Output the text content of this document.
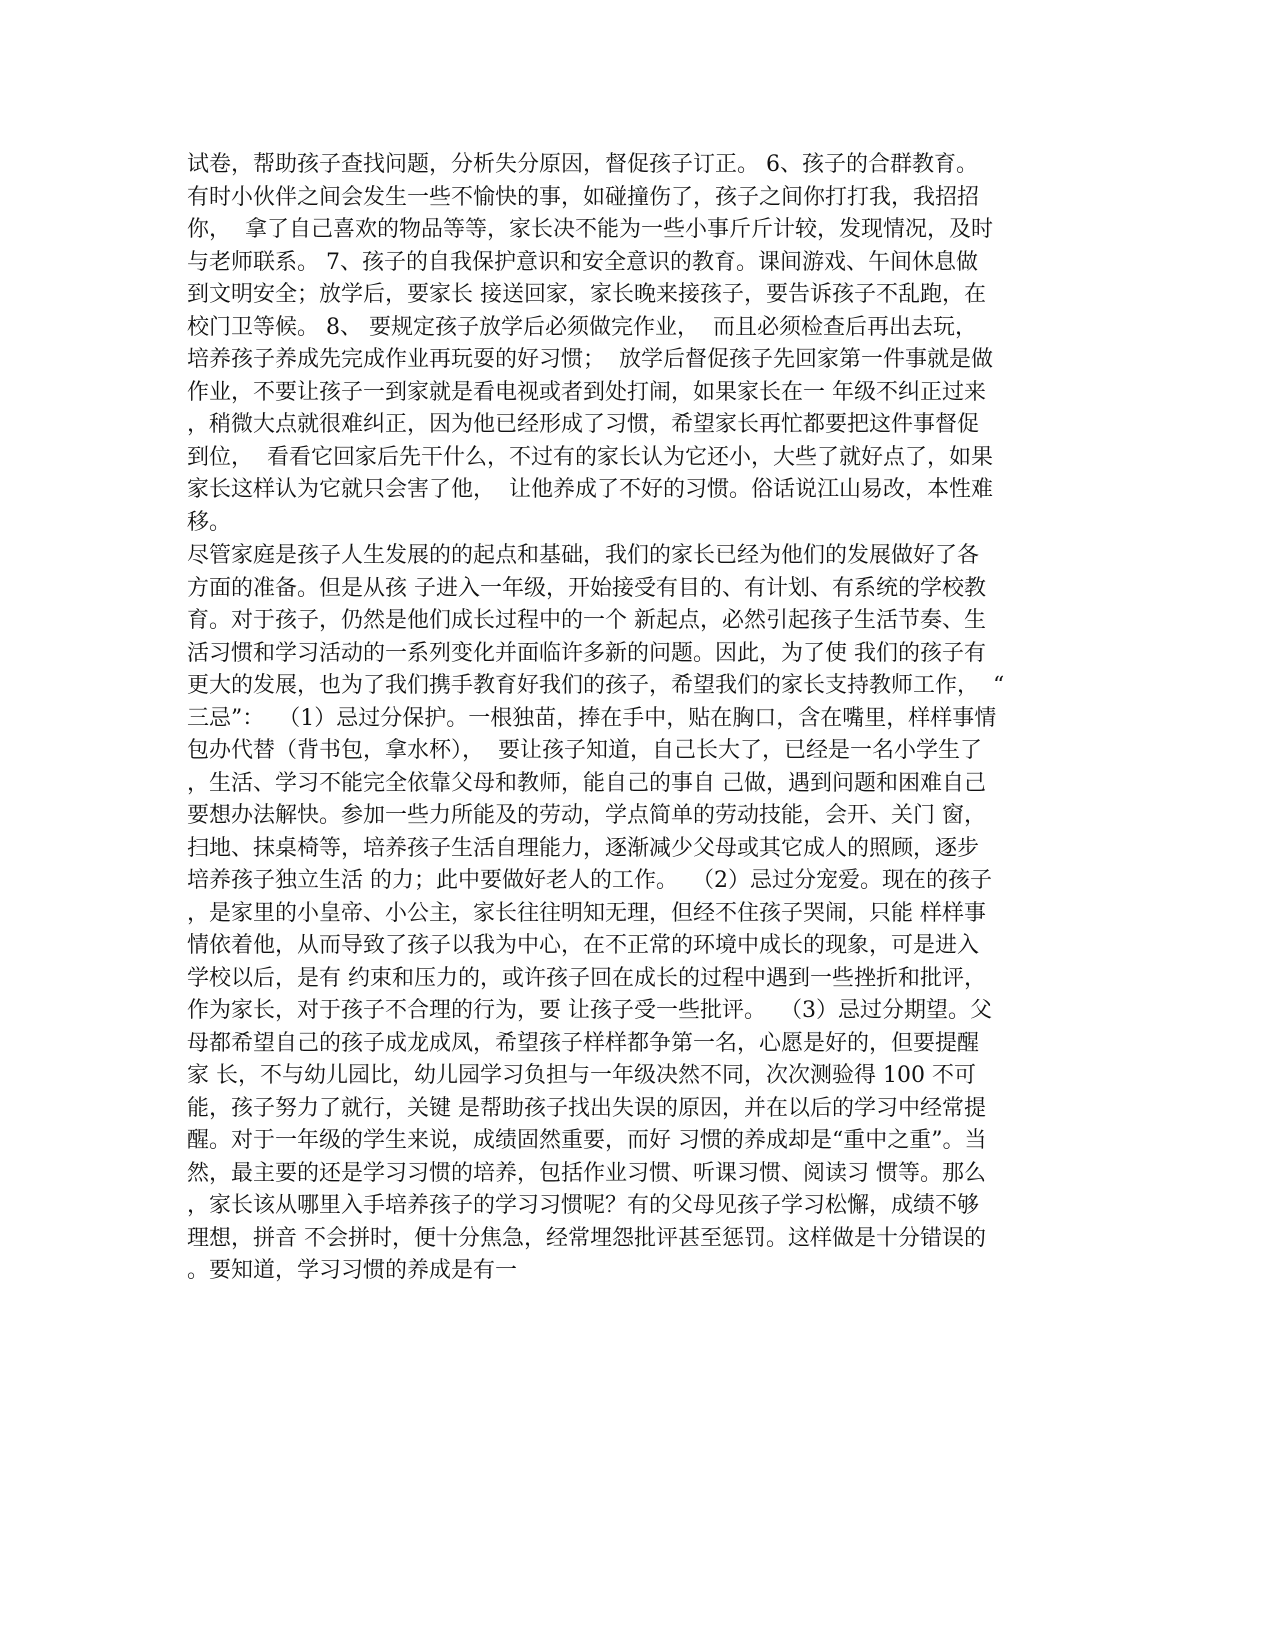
试卷，帮助孩子查找问题，分析失分原因，督促孩子订正。 6、孩子的合群教育。
有时小伙伴之间会发生一些不愉快的事，如碰撞伤了，孩子之间你打打我，我招招
你，  拿了自己喜欢的物品等等，家长决不能为一些小事斤斤计较，发现情况，及时
与老师联系。 7、孩子的自我保护意识和安全意识的教育。课间游戏、午间休息做
到文明安全；放学后，要家长 接送回家，家长晚来接孩子，要告诉孩子不乱跑，在
校门卫等候。 8、 要规定孩子放学后必须做完作业，  而且必须检查后再出去玩，
培养孩子养成先完成作业再玩耍的好习惯；  放学后督促孩子先回家第一件事就是做
作业，不要让孩子一到家就是看电视或者到处打闹，如果家长在一 年级不纠正过来
，稍微大点就很难纠正，因为他已经形成了习惯，希望家长再忙都要把这件事督促
到位，  看看它回家后先干什么，不过有的家长认为它还小，大些了就好点了，如果
家长这样认为它就只会害了他，  让他养成了不好的习惯。俗话说江山易改，本性难
移。
尽管家庭是孩子人生发展的的起点和基础，我们的家长已经为他们的发展做好了各
方面的准备。但是从孩 子进入一年级，开始接受有目的、有计划、有系统的学校教
育。对于孩子，仍然是他们成长过程中的一个 新起点，必然引起孩子生活节奏、生
活习惯和学习活动的一系列变化并面临许多新的问题。因此，为了使 我们的孩子有
更大的发展，也为了我们携手教育好我们的孩子，希望我们的家长支持教师工作，  “
三忌”：  （1）忌过分保护。一根独苗，捧在手中，贴在胸口，含在嘴里，样样事情
包办代替（背书包，拿水杯），  要让孩子知道，自己长大了，已经是一名小学生了
，生活、学习不能完全依靠父母和教师，能自己的事自 己做，遇到问题和困难自己
要想办法解快。参加一些力所能及的劳动，学点简单的劳动技能，会开、关门 窗，
扫地、抹桌椅等，培养孩子生活自理能力，逐渐减少父母或其它成人的照顾，逐步
培养孩子独立生活 的力；此中要做好老人的工作。  （2）忌过分宠爱。现在的孩子
，是家里的小皇帝、小公主，家长往往明知无理，但经不住孩子哭闹，只能 样样事
情依着他，从而导致了孩子以我为中心，在不正常的环境中成长的现象，可是进入
学校以后，是有 约束和压力的，或许孩子回在成长的过程中遇到一些挫折和批评，
作为家长，对于孩子不合理的行为，要 让孩子受一些批评。  （3）忌过分期望。父
母都希望自己的孩子成龙成凤，希望孩子样样都争第一名，心愿是好的，但要提醒
家 长，不与幼儿园比，幼儿园学习负担与一年级决然不同，次次测验得 100 不可
能，孩子努力了就行，关键 是帮助孩子找出失误的原因，并在以后的学习中经常提
醒。对于一年级的学生来说，成绩固然重要，而好 习惯的养成却是“重中之重”。当
然，最主要的还是学习习惯的培养，包括作业习惯、听课习惯、阅读习 惯等。那么
，家长该从哪里入手培养孩子的学习习惯呢？有的父母见孩子学习松懈，成绩不够
理想，拼音 不会拼时，便十分焦急，经常埋怨批评甚至惩罚。这样做是十分错误的
。要知道，学习习惯的养成是有一
